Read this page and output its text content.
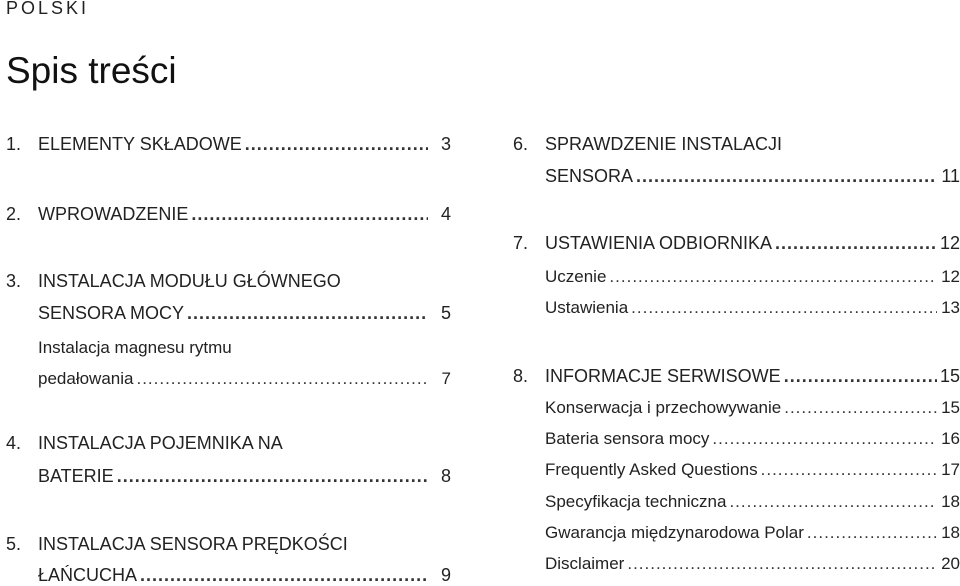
POLSKI
Spis treści
1. ELEMENTY SKŁADOWE .....	3
2. WPROWADZENIE .....	4
3. INSTALACJA MODUŁU GŁÓWNEGO
SENSORA MOCY .....	5
Instalacja magnesu rytmu
pedałowania .....	7
4. INSTALACJA POJEMNIKA NA
BATERIE .....	8
5. INSTALACJA SENSORA PRĘDKOŚCI
ŁAŃCUCHA .....	9
6. SPRAWDZENIE INSTALACJI
SENSORA .....	11
7. USTAWIENIA ODBIORNIKA .....	12
Uczenie .....	12
Ustawienia .....	13
8. INFORMACJE SERWISOWE .....	15
Konserwacja i przechowywanie .....	15
Bateria sensora mocy .....	16
Frequently Asked Questions .....	17
Specyfikacja techniczna .....	18
Gwarancja międzynarodowa Polar .....	18
Disclaimer .....	20
